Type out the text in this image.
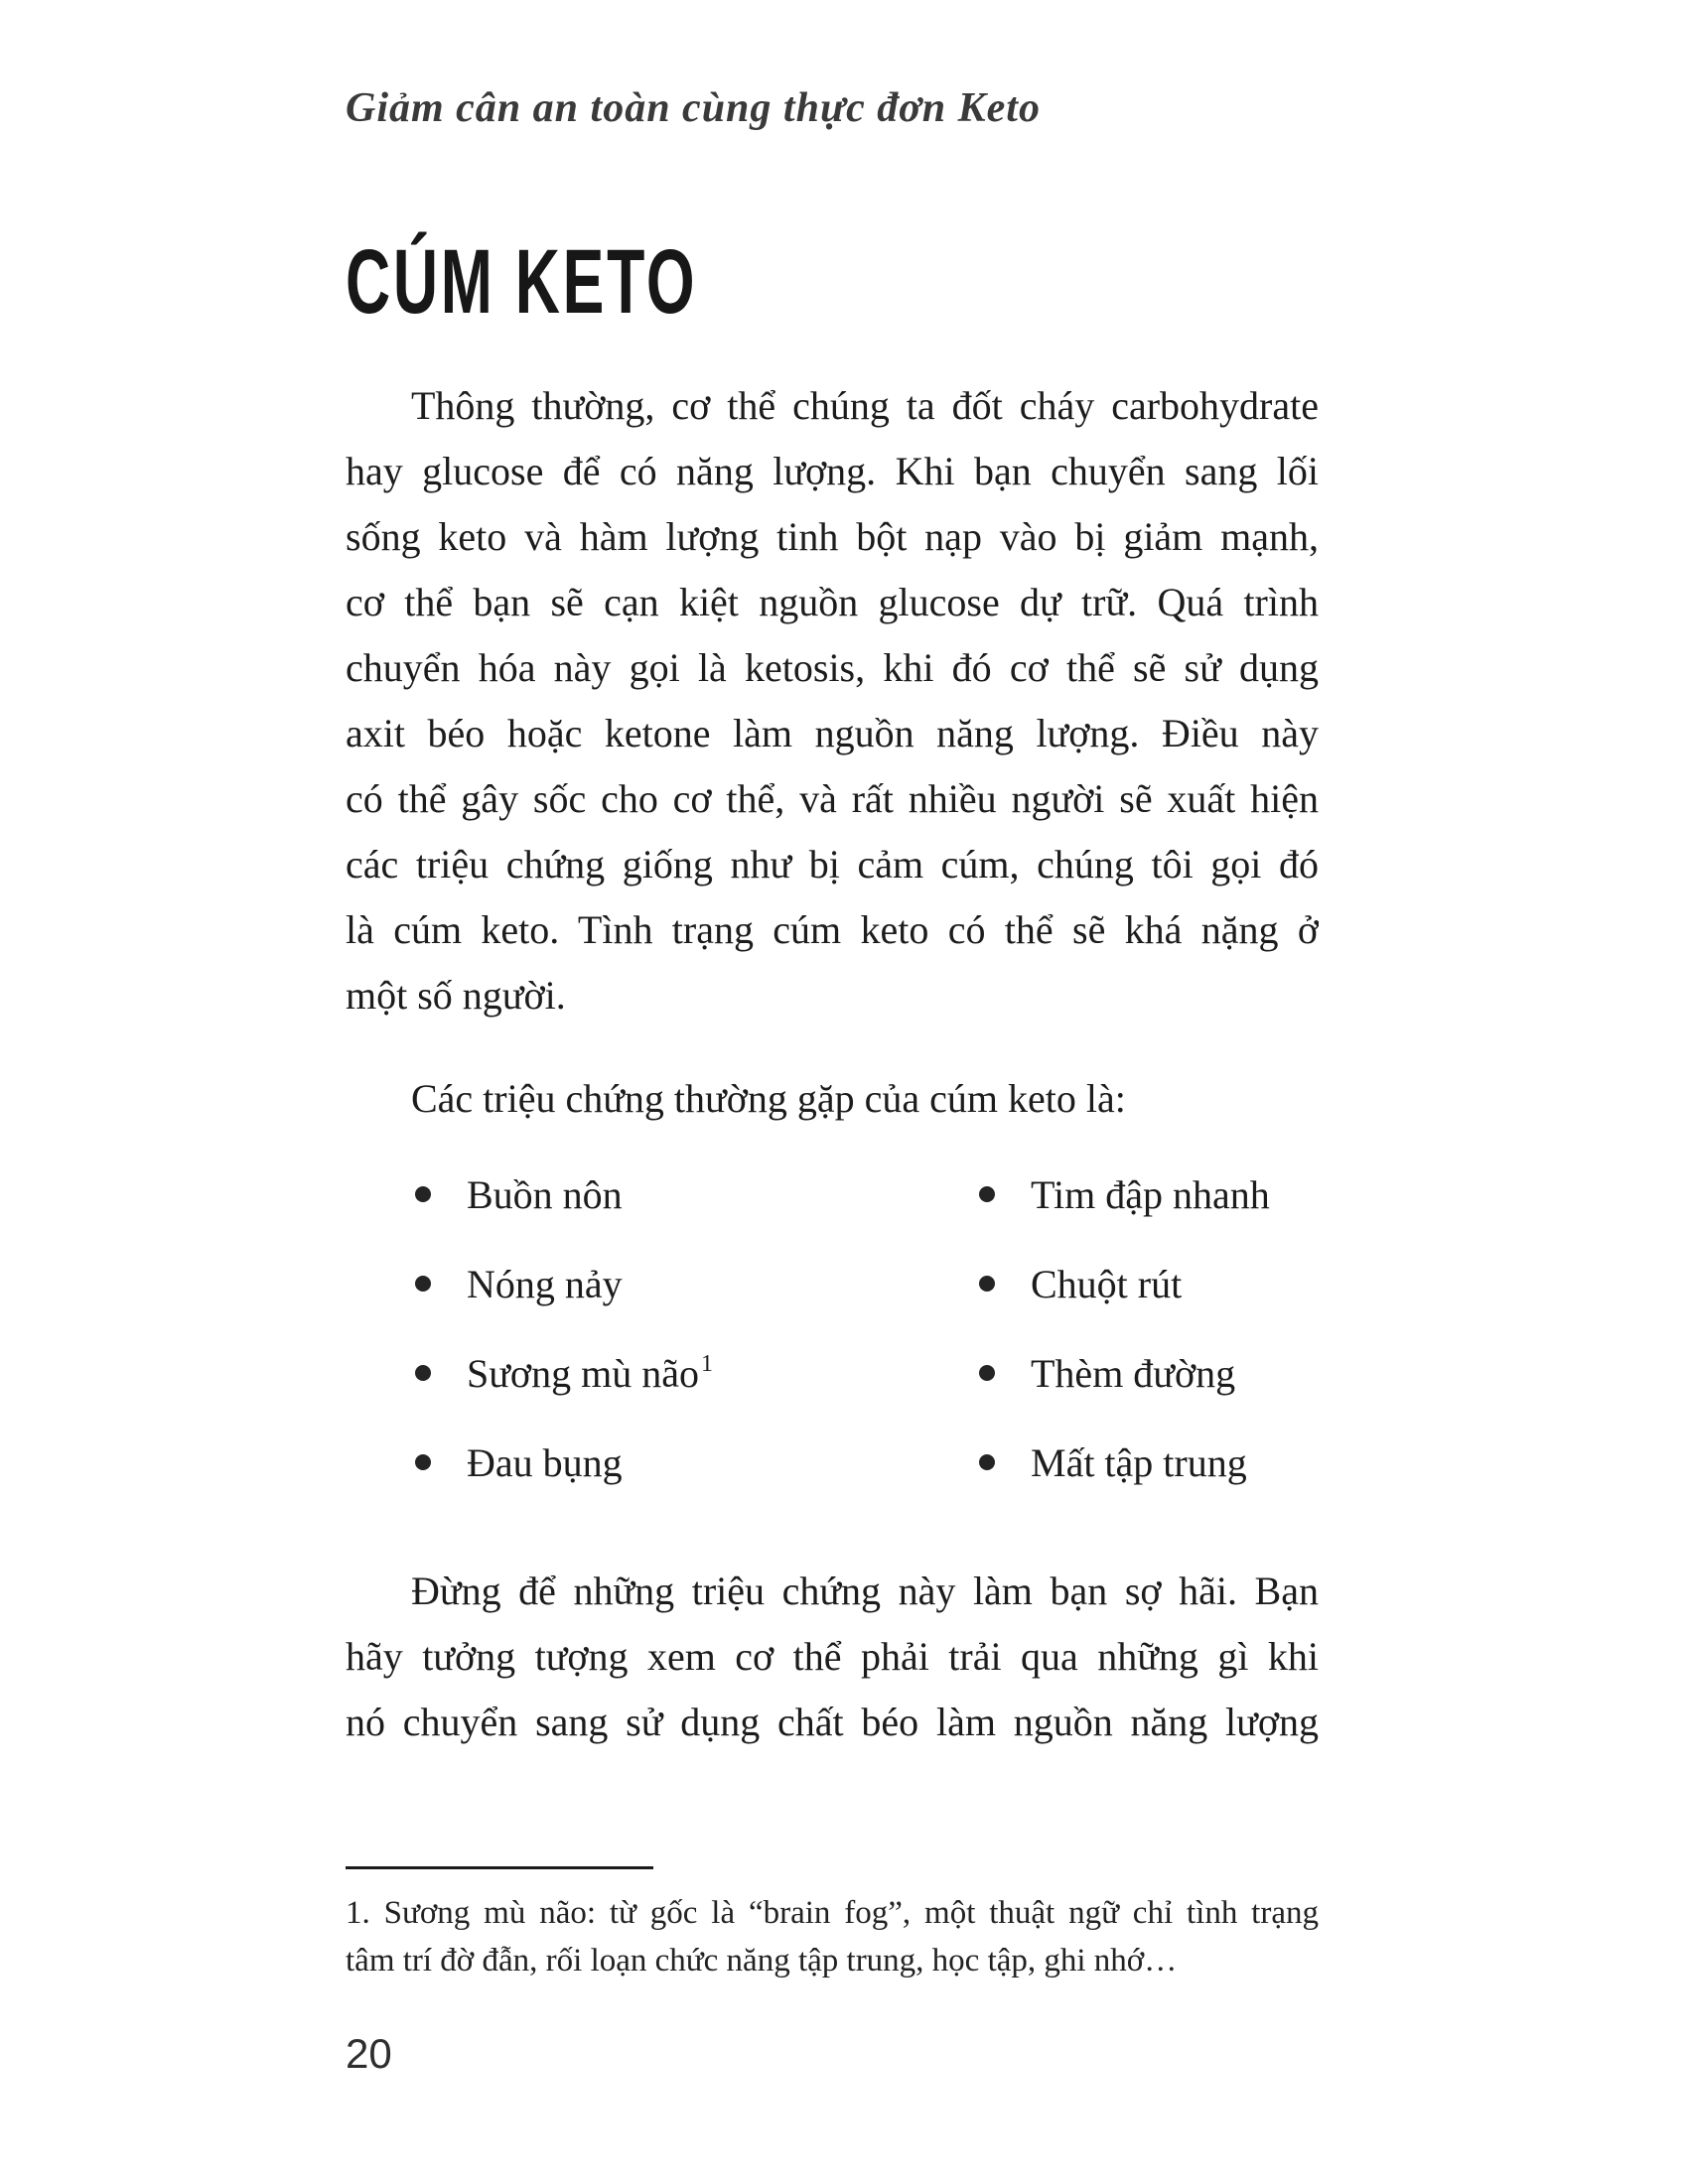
Giảm cân an toàn cùng thực đơn Keto
CÚM KETO
Thông thường, cơ thể chúng ta đốt cháy carbohydrate
hay glucose để có năng lượng. Khi bạn chuyển sang lối
sống keto và hàm lượng tinh bột nạp vào bị giảm mạnh,
cơ thể bạn sẽ cạn kiệt nguồn glucose dự trữ. Quá trình
chuyển hóa này gọi là ketosis, khi đó cơ thể sẽ sử dụng
axit béo hoặc ketone làm nguồn năng lượng. Điều này
có thể gây sốc cho cơ thể, và rất nhiều người sẽ xuất hiện
các triệu chứng giống như bị cảm cúm, chúng tôi gọi đó
là cúm keto. Tình trạng cúm keto có thể sẽ khá nặng ở
một số người.
Các triệu chứng thường gặp của cúm keto là:
Buồn nôn
Nóng nảy
Sương mù não$^1$
Đau bụng
Tim đập nhanh
Chuột rút
Thèm đường
Mất tập trung
Đừng để những triệu chứng này làm bạn sợ hãi. Bạn
hãy tưởng tượng xem cơ thể phải trải qua những gì khi
nó chuyển sang sử dụng chất béo làm nguồn năng lượng
1. Sương mù não: từ gốc là “brain fog”, một thuật ngữ chỉ tình trạng
tâm trí đờ đẫn, rối loạn chức năng tập trung, học tập, ghi nhớ…
20
